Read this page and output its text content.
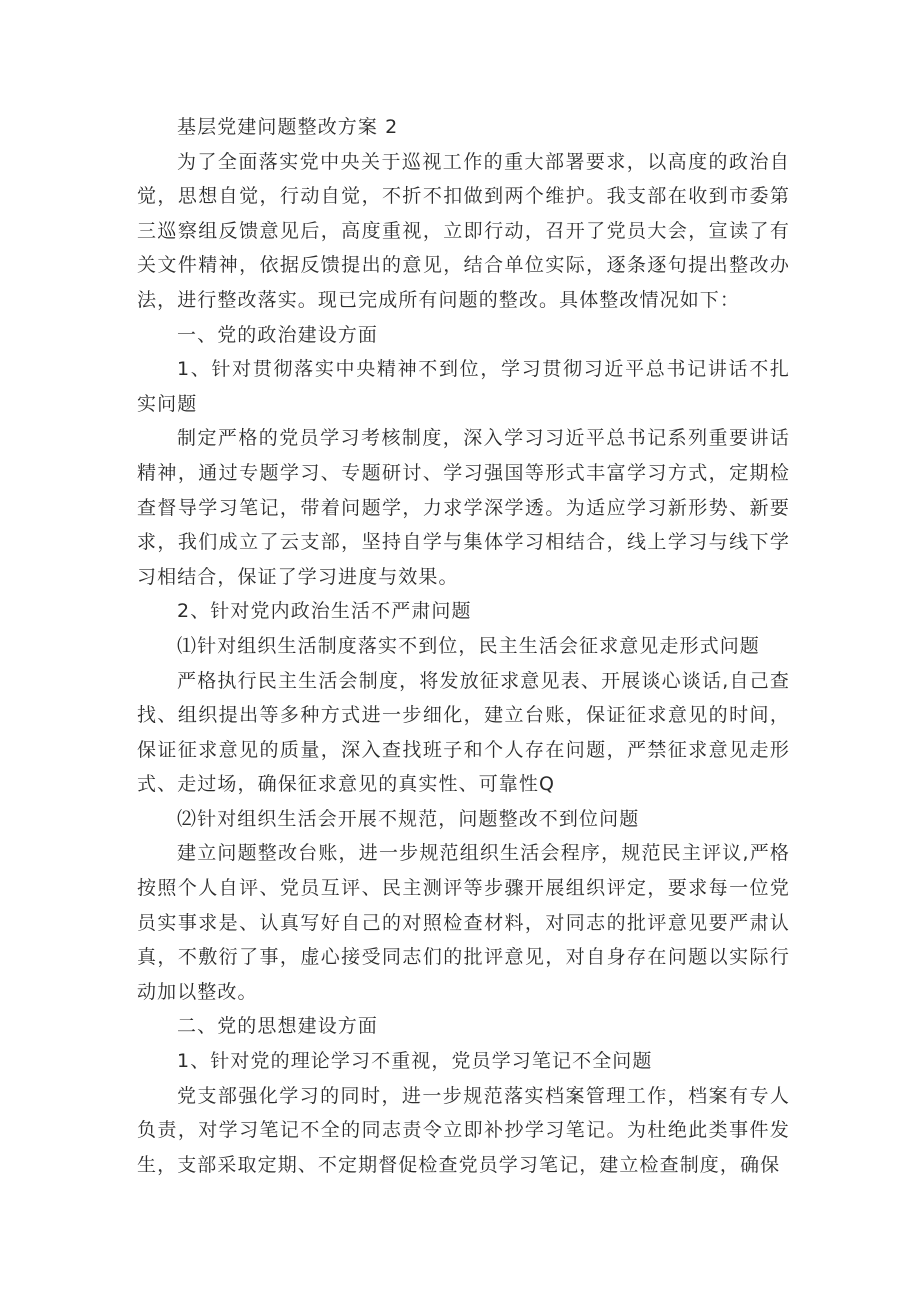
基层党建问题整改方案 2

为了全面落实党中央关于巡视工作的重大部署要求，以高度的政治自觉，思想自觉，行动自觉，不折不扣做到两个维护。我支部在收到市委第三巡察组反馈意见后，高度重视，立即行动，召开了党员大会，宣读了有关文件精神，依据反馈提出的意见，结合单位实际，逐条逐句提出整改办法，进行整改落实。现已完成所有问题的整改。具体整改情况如下：

一、党的政治建设方面

1、针对贯彻落实中央精神不到位，学习贯彻习近平总书记讲话不扎实问题

制定严格的党员学习考核制度，深入学习习近平总书记系列重要讲话精神，通过专题学习、专题研讨、学习强国等形式丰富学习方式，定期检查督导学习笔记，带着问题学，力求学深学透。为适应学习新形势、新要求，我们成立了云支部，坚持自学与集体学习相结合，线上学习与线下学习相结合，保证了学习进度与效果。

2、针对党内政治生活不严肃问题

⑴针对组织生活制度落实不到位，民主生活会征求意见走形式问题

严格执行民主生活会制度，将发放征求意见表、开展谈心谈话,自己查找、组织提出等多种方式进一步细化，建立台账，保证征求意见的时间，保证征求意见的质量，深入查找班子和个人存在问题，严禁征求意见走形式、走过场，确保征求意见的真实性、可靠性Q

⑵针对组织生活会开展不规范，问题整改不到位问题

建立问题整改台账，进一步规范组织生活会程序，规范民主评议,严格按照个人自评、党员互评、民主测评等步骤开展组织评定，要求每一位党员实事求是、认真写好自己的对照检查材料，对同志的批评意见要严肃认真，不敷衍了事，虚心接受同志们的批评意见，对自身存在问题以实际行动加以整改。

二、党的思想建设方面

1、针对党的理论学习不重视，党员学习笔记不全问题

党支部强化学习的同时，进一步规范落实档案管理工作，档案有专人负责，对学习笔记不全的同志责令立即补抄学习笔记。为杜绝此类事件发生，支部采取定期、不定期督促检查党员学习笔记，建立检查制度，确保
